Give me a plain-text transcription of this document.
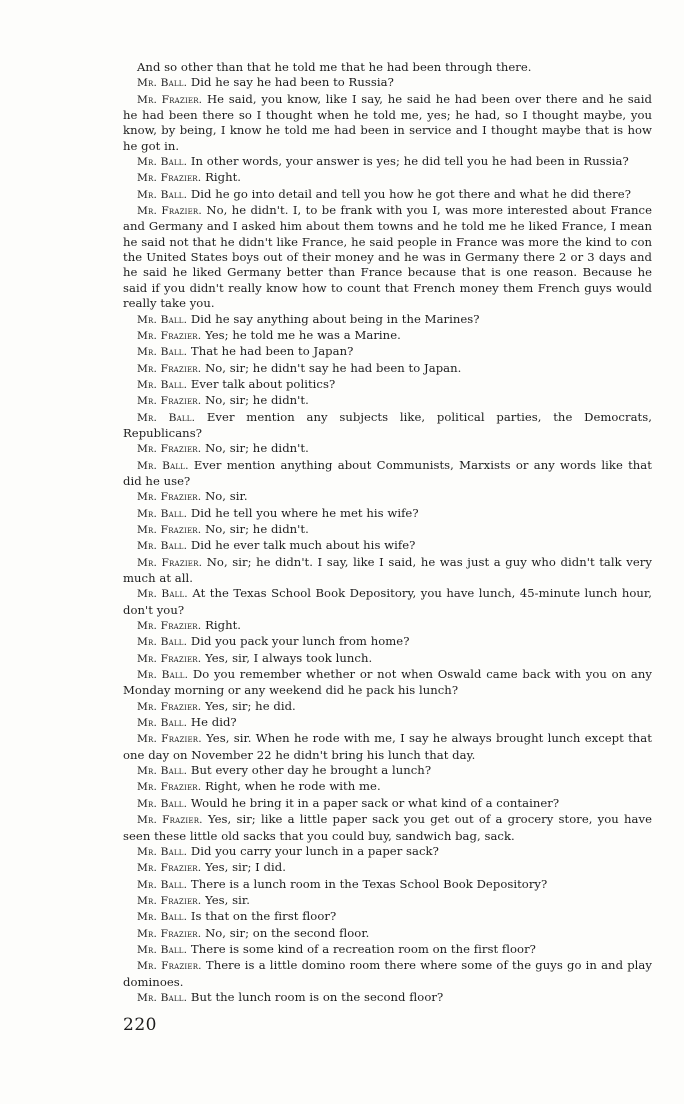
And so other than that he told me that he had been through there.

Mr. Ball. Did he say he had been to Russia?

Mr. Frazier. He said, you know, like I say, he said he had been over there and he said he had been there so I thought when he told me, yes; he had, so I thought maybe, you know, by being, I know he told me had been in service and I thought maybe that is how he got in.

Mr. Ball. In other words, your answer is yes; he did tell you he had been in Russia?

Mr. Frazier. Right.

Mr. Ball. Did he go into detail and tell you how he got there and what he did there?

Mr. Frazier. No, he didn't. I, to be frank with you I, was more interested about France and Germany and I asked him about them towns and he told me he liked France, I mean he said not that he didn't like France, he said people in France was more the kind to con the United States boys out of their money and he was in Germany there 2 or 3 days and he said he liked Germany better than France because that is one reason. Because he said if you didn't really know how to count that French money them French guys would really take you.

Mr. Ball. Did he say anything about being in the Marines?

Mr. Frazier. Yes; he told me he was a Marine.

Mr. Ball. That he had been to Japan?

Mr. Frazier. No, sir; he didn't say he had been to Japan.

Mr. Ball. Ever talk about politics?

Mr. Frazier. No, sir; he didn't.

Mr. Ball. Ever mention any subjects like, political parties, the Democrats, Republicans?

Mr. Frazier. No, sir; he didn't.

Mr. Ball. Ever mention anything about Communists, Marxists or any words like that did he use?

Mr. Frazier. No, sir.

Mr. Ball. Did he tell you where he met his wife?

Mr. Frazier. No, sir; he didn't.

Mr. Ball. Did he ever talk much about his wife?

Mr. Frazier. No, sir; he didn't. I say, like I said, he was just a guy who didn't talk very much at all.

Mr. Ball. At the Texas School Book Depository, you have lunch, 45-minute lunch hour, don't you?

Mr. Frazier. Right.

Mr. Ball. Did you pack your lunch from home?

Mr. Frazier. Yes, sir, I always took lunch.

Mr. Ball. Do you remember whether or not when Oswald came back with you on any Monday morning or any weekend did he pack his lunch?

Mr. Frazier. Yes, sir; he did.

Mr. Ball. He did?

Mr. Frazier. Yes, sir. When he rode with me, I say he always brought lunch except that one day on November 22 he didn't bring his lunch that day.

Mr. Ball. But every other day he brought a lunch?

Mr. Frazier. Right, when he rode with me.

Mr. Ball. Would he bring it in a paper sack or what kind of a container?

Mr. Frazier. Yes, sir; like a little paper sack you get out of a grocery store, you have seen these little old sacks that you could buy, sandwich bag, sack.

Mr. Ball. Did you carry your lunch in a paper sack?

Mr. Frazier. Yes, sir; I did.

Mr. Ball. There is a lunch room in the Texas School Book Depository?

Mr. Frazier. Yes, sir.

Mr. Ball. Is that on the first floor?

Mr. Frazier. No, sir; on the second floor.

Mr. Ball. There is some kind of a recreation room on the first floor?

Mr. Frazier. There is a little domino room there where some of the guys go in and play dominoes.

Mr. Ball. But the lunch room is on the second floor?

220
